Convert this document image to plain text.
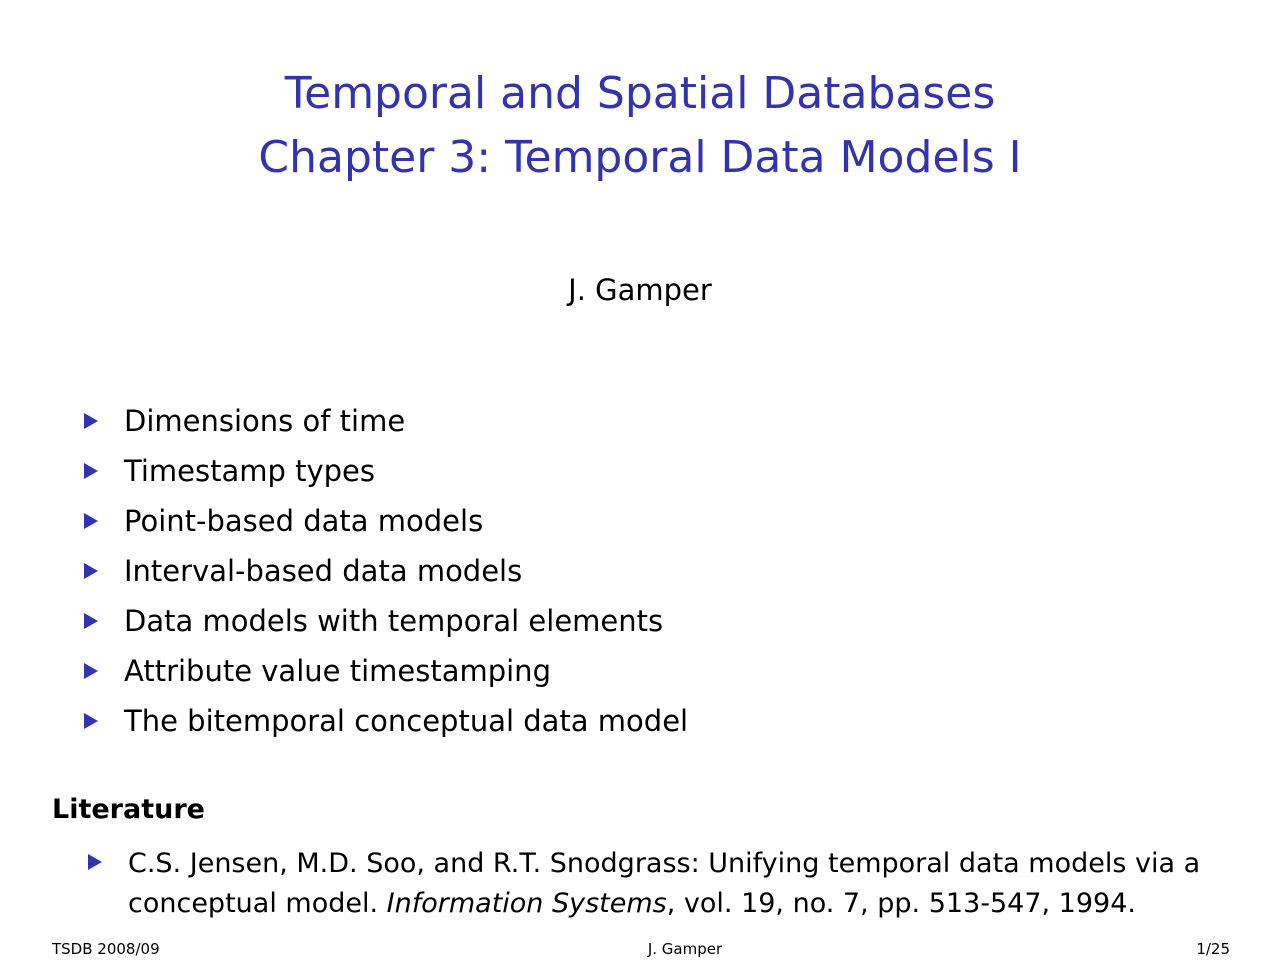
Temporal and Spatial Databases
Chapter 3: Temporal Data Models I
J. Gamper
Dimensions of time
Timestamp types
Point-based data models
Interval-based data models
Data models with temporal elements
Attribute value timestamping
The bitemporal conceptual data model
Literature
C.S. Jensen, M.D. Soo, and R.T. Snodgrass: Unifying temporal data models via a conceptual model. Information Systems, vol. 19, no. 7, pp. 513-547, 1994.
TSDB 2008/09	J. Gamper	1/25
